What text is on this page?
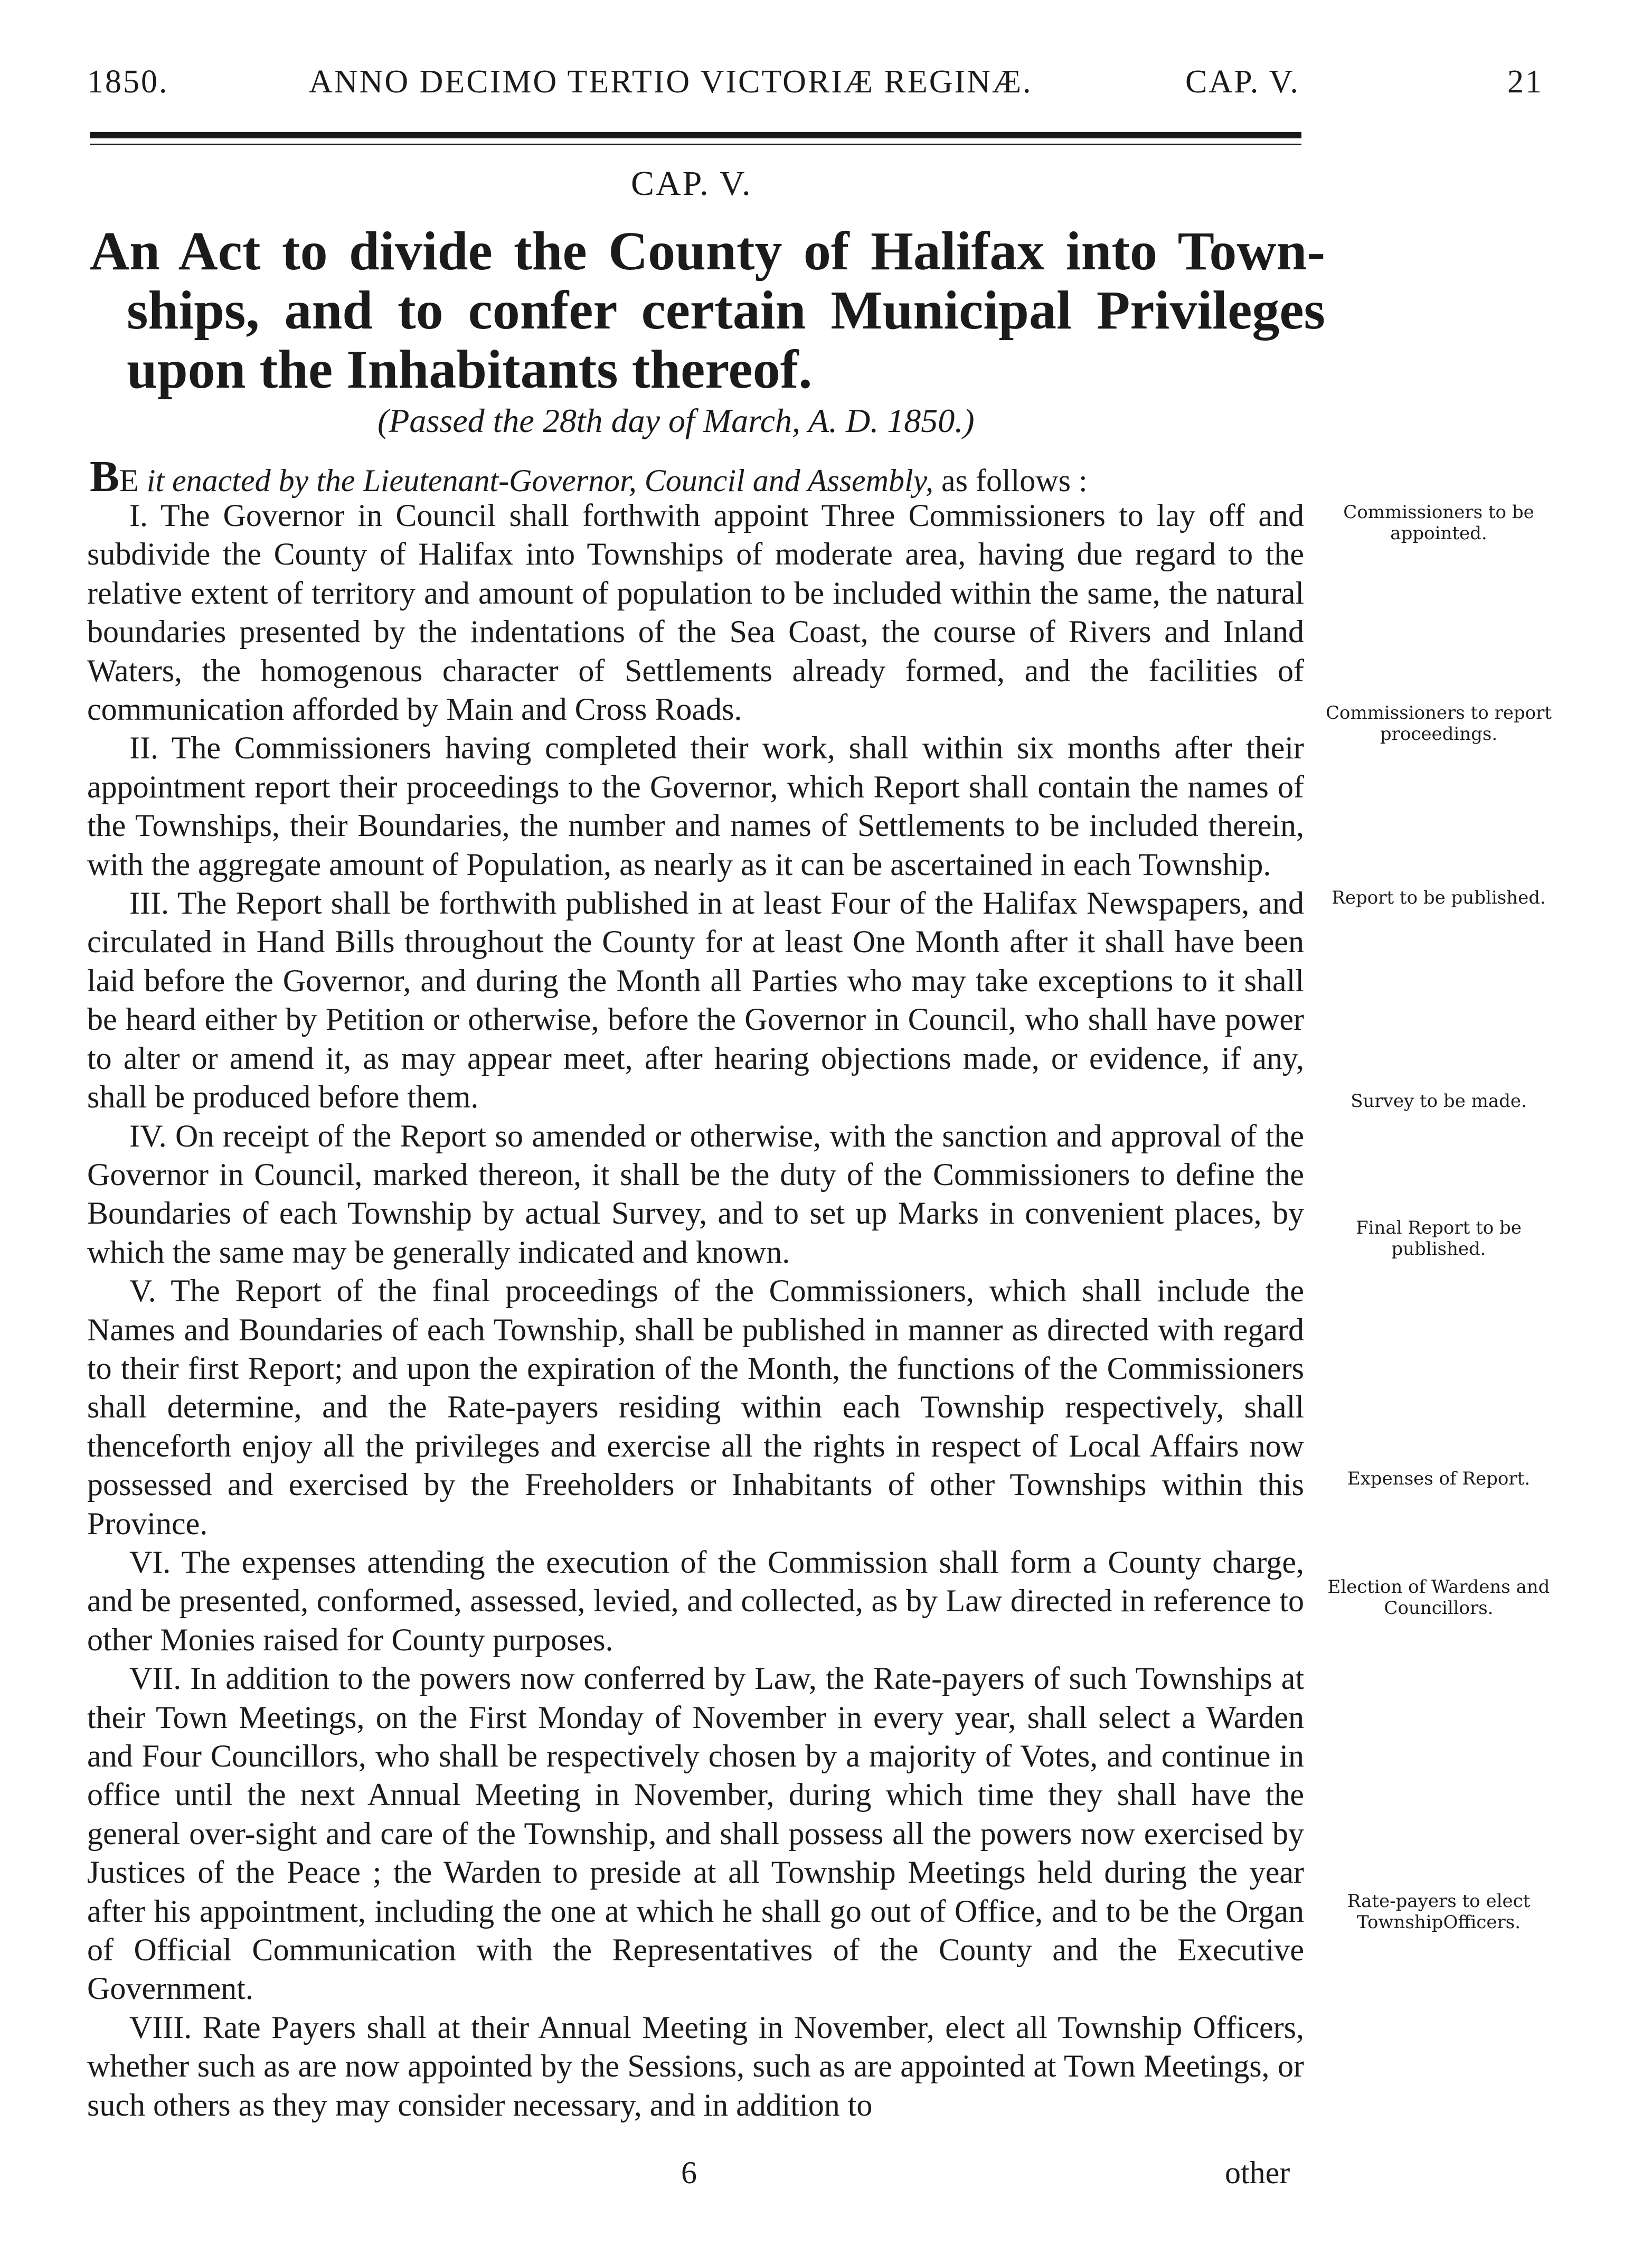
1850.	ANNO DECIMO TERTIO VICTORIÆ REGINÆ.	CAP. V.	21
CAP. V.
An Act to divide the County of Halifax into Town- ships, and to confer certain Municipal Privileges upon the Inhabitants thereof.
(Passed the 28th day of March, A. D. 1850.)
BE it enacted by the Lieutenant-Governor, Council and Assembly, as follows :

I. The Governor in Council shall forthwith appoint Three Commissioners to lay off and subdivide the County of Halifax into Townships of moderate area, having due regard to the relative extent of territory and amount of population to be included within the same, the natural boundaries presented by the indentations of the Sea Coast, the course of Rivers and Inland Waters, the homogenous character of Settlements already formed, and the facilities of communication afforded by Main and Cross Roads.

II. The Commissioners having completed their work, shall within six months after their appointment report their proceedings to the Governor, which Report shall contain the names of the Townships, their Boundaries, the number and names of Settlements to be included therein, with the aggregate amount of Population, as nearly as it can be ascertained in each Township.

III. The Report shall be forthwith published in at least Four of the Halifax Newspapers, and circulated in Hand Bills throughout the County for at least One Month after it shall have been laid before the Governor, and during the Month all Parties who may take exceptions to it shall be heard either by Petition or otherwise, before the Governor in Council, who shall have power to alter or amend it, as may appear meet, after hearing objections made, or evidence, if any, shall be produced before them.

IV. On receipt of the Report so amended or otherwise, with the sanction and approval of the Governor in Council, marked thereon, it shall be the duty of the Commissioners to define the Boundaries of each Township by actual Survey, and to set up Marks in convenient places, by which the same may be generally indicated and known.

V. The Report of the final proceedings of the Commissioners, which shall include the Names and Boundaries of each Township, shall be published in manner as directed with regard to their first Report; and upon the expiration of the Month, the functions of the Commissioners shall determine, and the Rate-payers residing within each Township respectively, shall thenceforth enjoy all the privileges and exercise all the rights in respect of Local Affairs now possessed and exercised by the Freeholders or Inhabitants of other Townships within this Province.

VI. The expenses attending the execution of the Commission shall form a County charge, and be presented, conformed, assessed, levied, and collected, as by Law directed in reference to other Monies raised for County purposes.

VII. In addition to the powers now conferred by Law, the Rate-payers of such Townships at their Town Meetings, on the First Monday of November in every year, shall select a Warden and Four Councillors, who shall be respectively chosen by a majority of Votes, and continue in office until the next Annual Meeting in November, during which time they shall have the general over-sight and care of the Township, and shall possess all the powers now exercised by Justices of the Peace ; the Warden to preside at all Township Meetings held during the year after his appointment, including the one at which he shall go out of Office, and to be the Organ of Official Communication with the Representatives of the County and the Executive Government.

VIII. Rate Payers shall at their Annual Meeting in November, elect all Township Officers, whether such as are now appointed by the Sessions, such as are appointed at Town Meetings, or such others as they may consider necessary, and in addition to

Commissioners to be appointed.
Commissioners to report proceedings.
Report to be published.
Survey to be made.
Final Report to be published.
Expenses of Report.
Election of Wardens and Councillors.
Rate-payers to elect TownshipOfficers.
6	other
